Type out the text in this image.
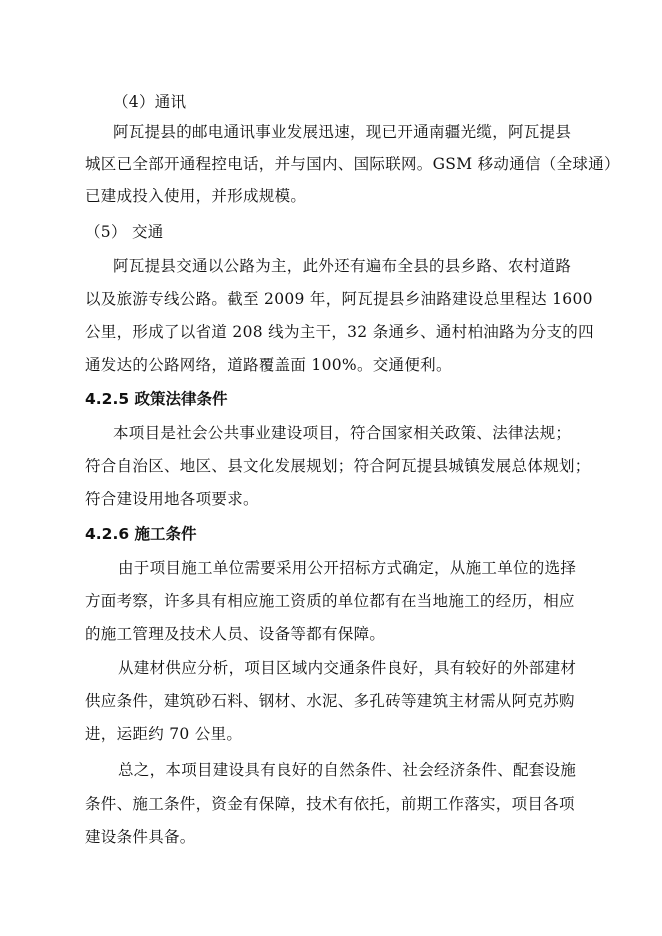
（4）通讯
阿瓦提县的邮电通讯事业发展迅速，现已开通南疆光缆，阿瓦提县
城区已全部开通程控电话，并与国内、国际联网。GSM 移动通信（全球通）
已建成投入使用，并形成规模。
（5） 交通
阿瓦提县交通以公路为主，此外还有遍布全县的县乡路、农村道路
以及旅游专线公路。截至 2009 年，阿瓦提县乡油路建设总里程达 1600
公里，形成了以省道 208 线为主干，32 条通乡、通村柏油路为分支的四
通发达的公路网络，道路覆盖面 100%。交通便利。
4.2.5 政策法律条件
本项目是社会公共事业建设项目，符合国家相关政策、法律法规；
符合自治区、地区、县文化发展规划；符合阿瓦提县城镇发展总体规划；
符合建设用地各项要求。
4.2.6 施工条件
由于项目施工单位需要采用公开招标方式确定，从施工单位的选择
方面考察，许多具有相应施工资质的单位都有在当地施工的经历，相应
的施工管理及技术人员、设备等都有保障。
从建材供应分析，项目区域内交通条件良好，具有较好的外部建材
供应条件，建筑砂石料、钢材、水泥、多孔砖等建筑主材需从阿克苏购
进，运距约 70 公里。
总之，本项目建设具有良好的自然条件、社会经济条件、配套设施
条件、施工条件，资金有保障，技术有依托，前期工作落实，项目各项
建设条件具备。
